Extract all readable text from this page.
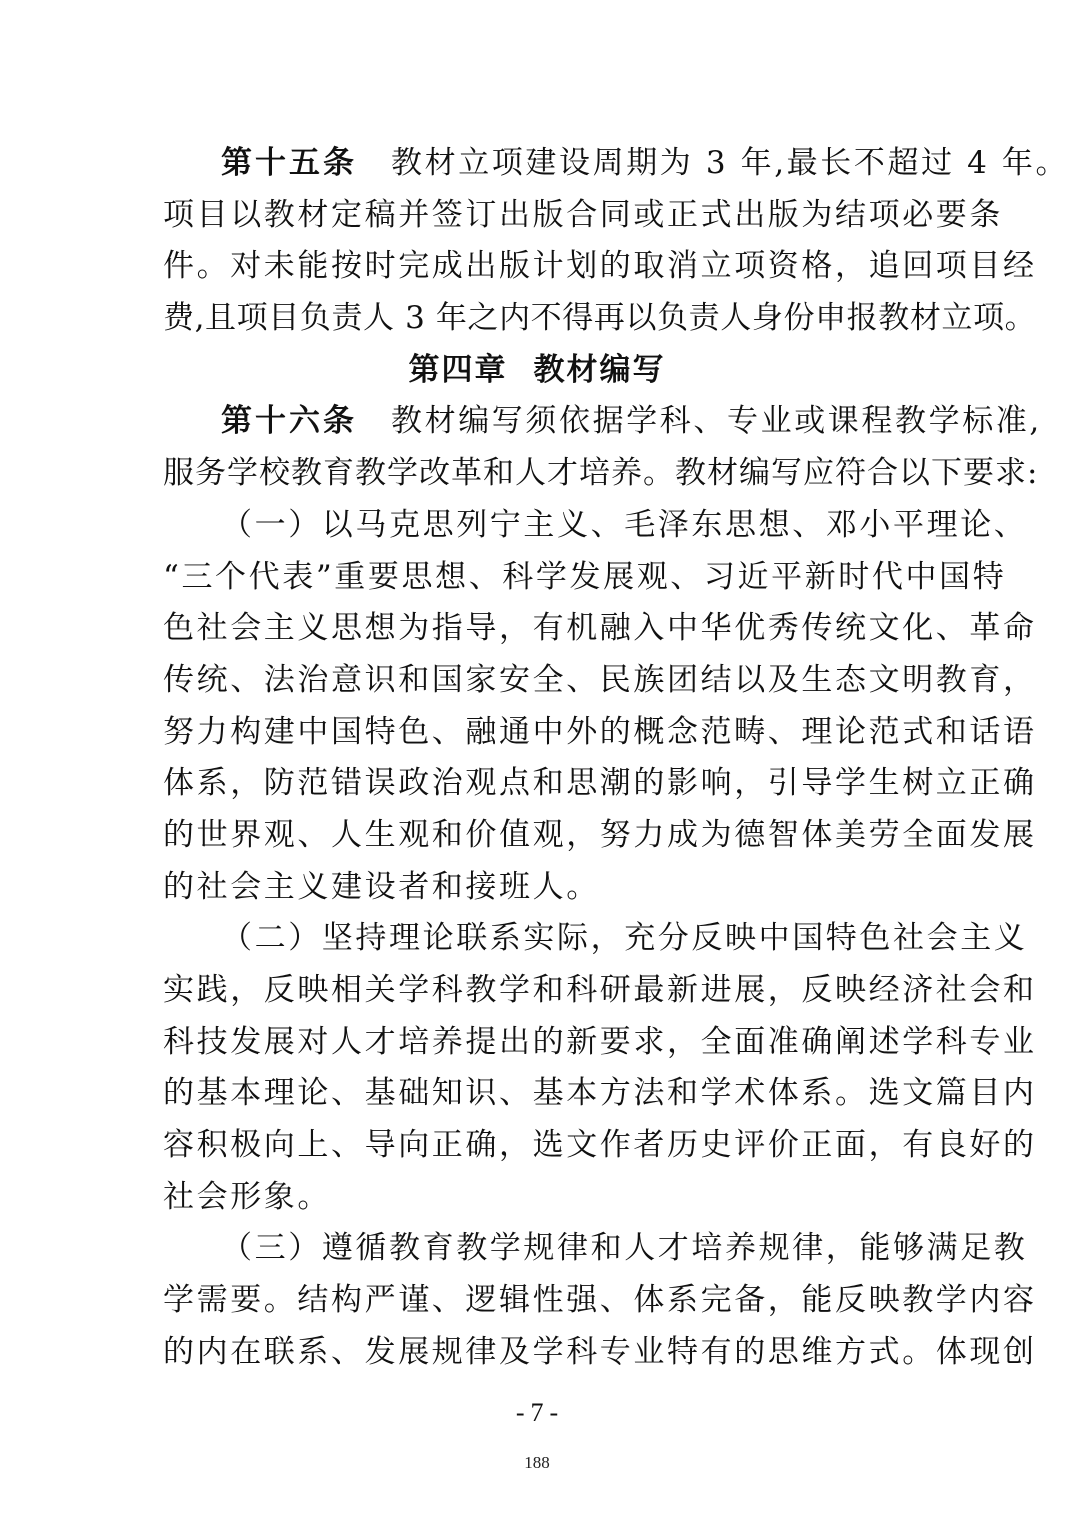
第十五条 教材立项建设周期为 3 年,最长不超过 4 年。
项目以教材定稿并签订出版合同或正式出版为结项必要条
件。对未能按时完成出版计划的取消立项资格，追回项目经
费,且项目负责人 3 年之内不得再以负责人身份申报教材立项。
第四章 教材编写
第十六条 教材编写须依据学科、专业或课程教学标准,
服务学校教育教学改革和人才培养。教材编写应符合以下要求:
（一）以马克思列宁主义、毛泽东思想、邓小平理论、
“三个代表”重要思想、科学发展观、习近平新时代中国特
色社会主义思想为指导，有机融入中华优秀传统文化、革命
传统、法治意识和国家安全、民族团结以及生态文明教育，
努力构建中国特色、融通中外的概念范畴、理论范式和话语
体系，防范错误政治观点和思潮的影响，引导学生树立正确
的世界观、人生观和价值观，努力成为德智体美劳全面发展
的社会主义建设者和接班人。
（二）坚持理论联系实际，充分反映中国特色社会主义
实践，反映相关学科教学和科研最新进展，反映经济社会和
科技发展对人才培养提出的新要求，全面准确阐述学科专业
的基本理论、基础知识、基本方法和学术体系。选文篇目内
容积极向上、导向正确，选文作者历史评价正面，有良好的
社会形象。
（三）遵循教育教学规律和人才培养规律，能够满足教
学需要。结构严谨、逻辑性强、体系完备，能反映教学内容
的内在联系、发展规律及学科专业特有的思维方式。体现创
- 7 -
188
